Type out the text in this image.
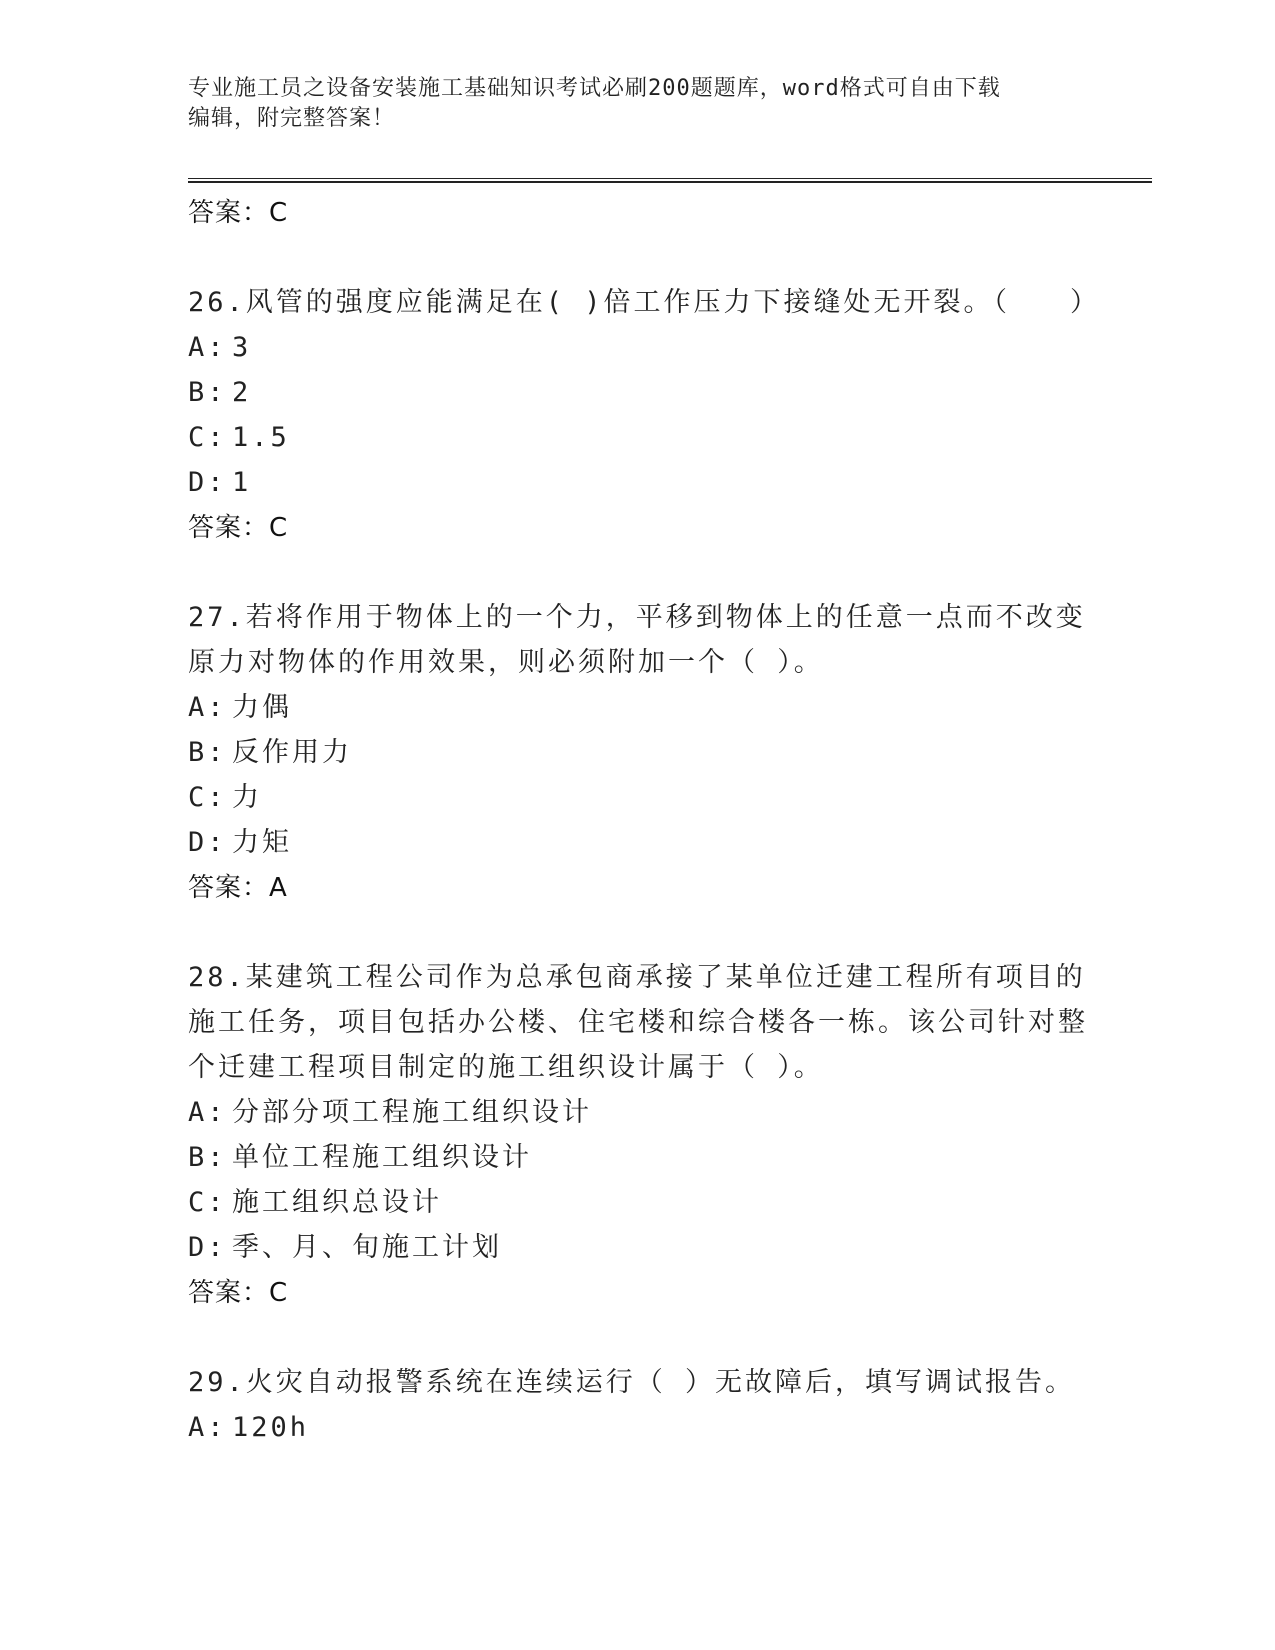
专业施工员之设备安装施工基础知识考试必刷200题题库，word格式可自由下载
编辑，附完整答案！
答案：C
26.风管的强度应能满足在( )倍工作压力下接缝处无开裂。（　　）
A: 3
B: 2
C: 1.5
D: 1
答案：C
27.若将作用于物体上的一个力，平移到物体上的任意一点而不改变原力对物体的作用效果，则必须附加一个（ ）。
A: 力偶
B: 反作用力
C: 力
D: 力矩
答案：A
28.某建筑工程公司作为总承包商承接了某单位迁建工程所有项目的施工任务，项目包括办公楼、住宅楼和综合楼各一栋。该公司针对整个迁建工程项目制定的施工组织设计属于（ ）。
A: 分部分项工程施工组织设计
B: 单位工程施工组织设计
C: 施工组织总设计
D: 季、月、旬施工计划
答案：C
29.火灾自动报警系统在连续运行（ ）无故障后，填写调试报告。
A: 120h
